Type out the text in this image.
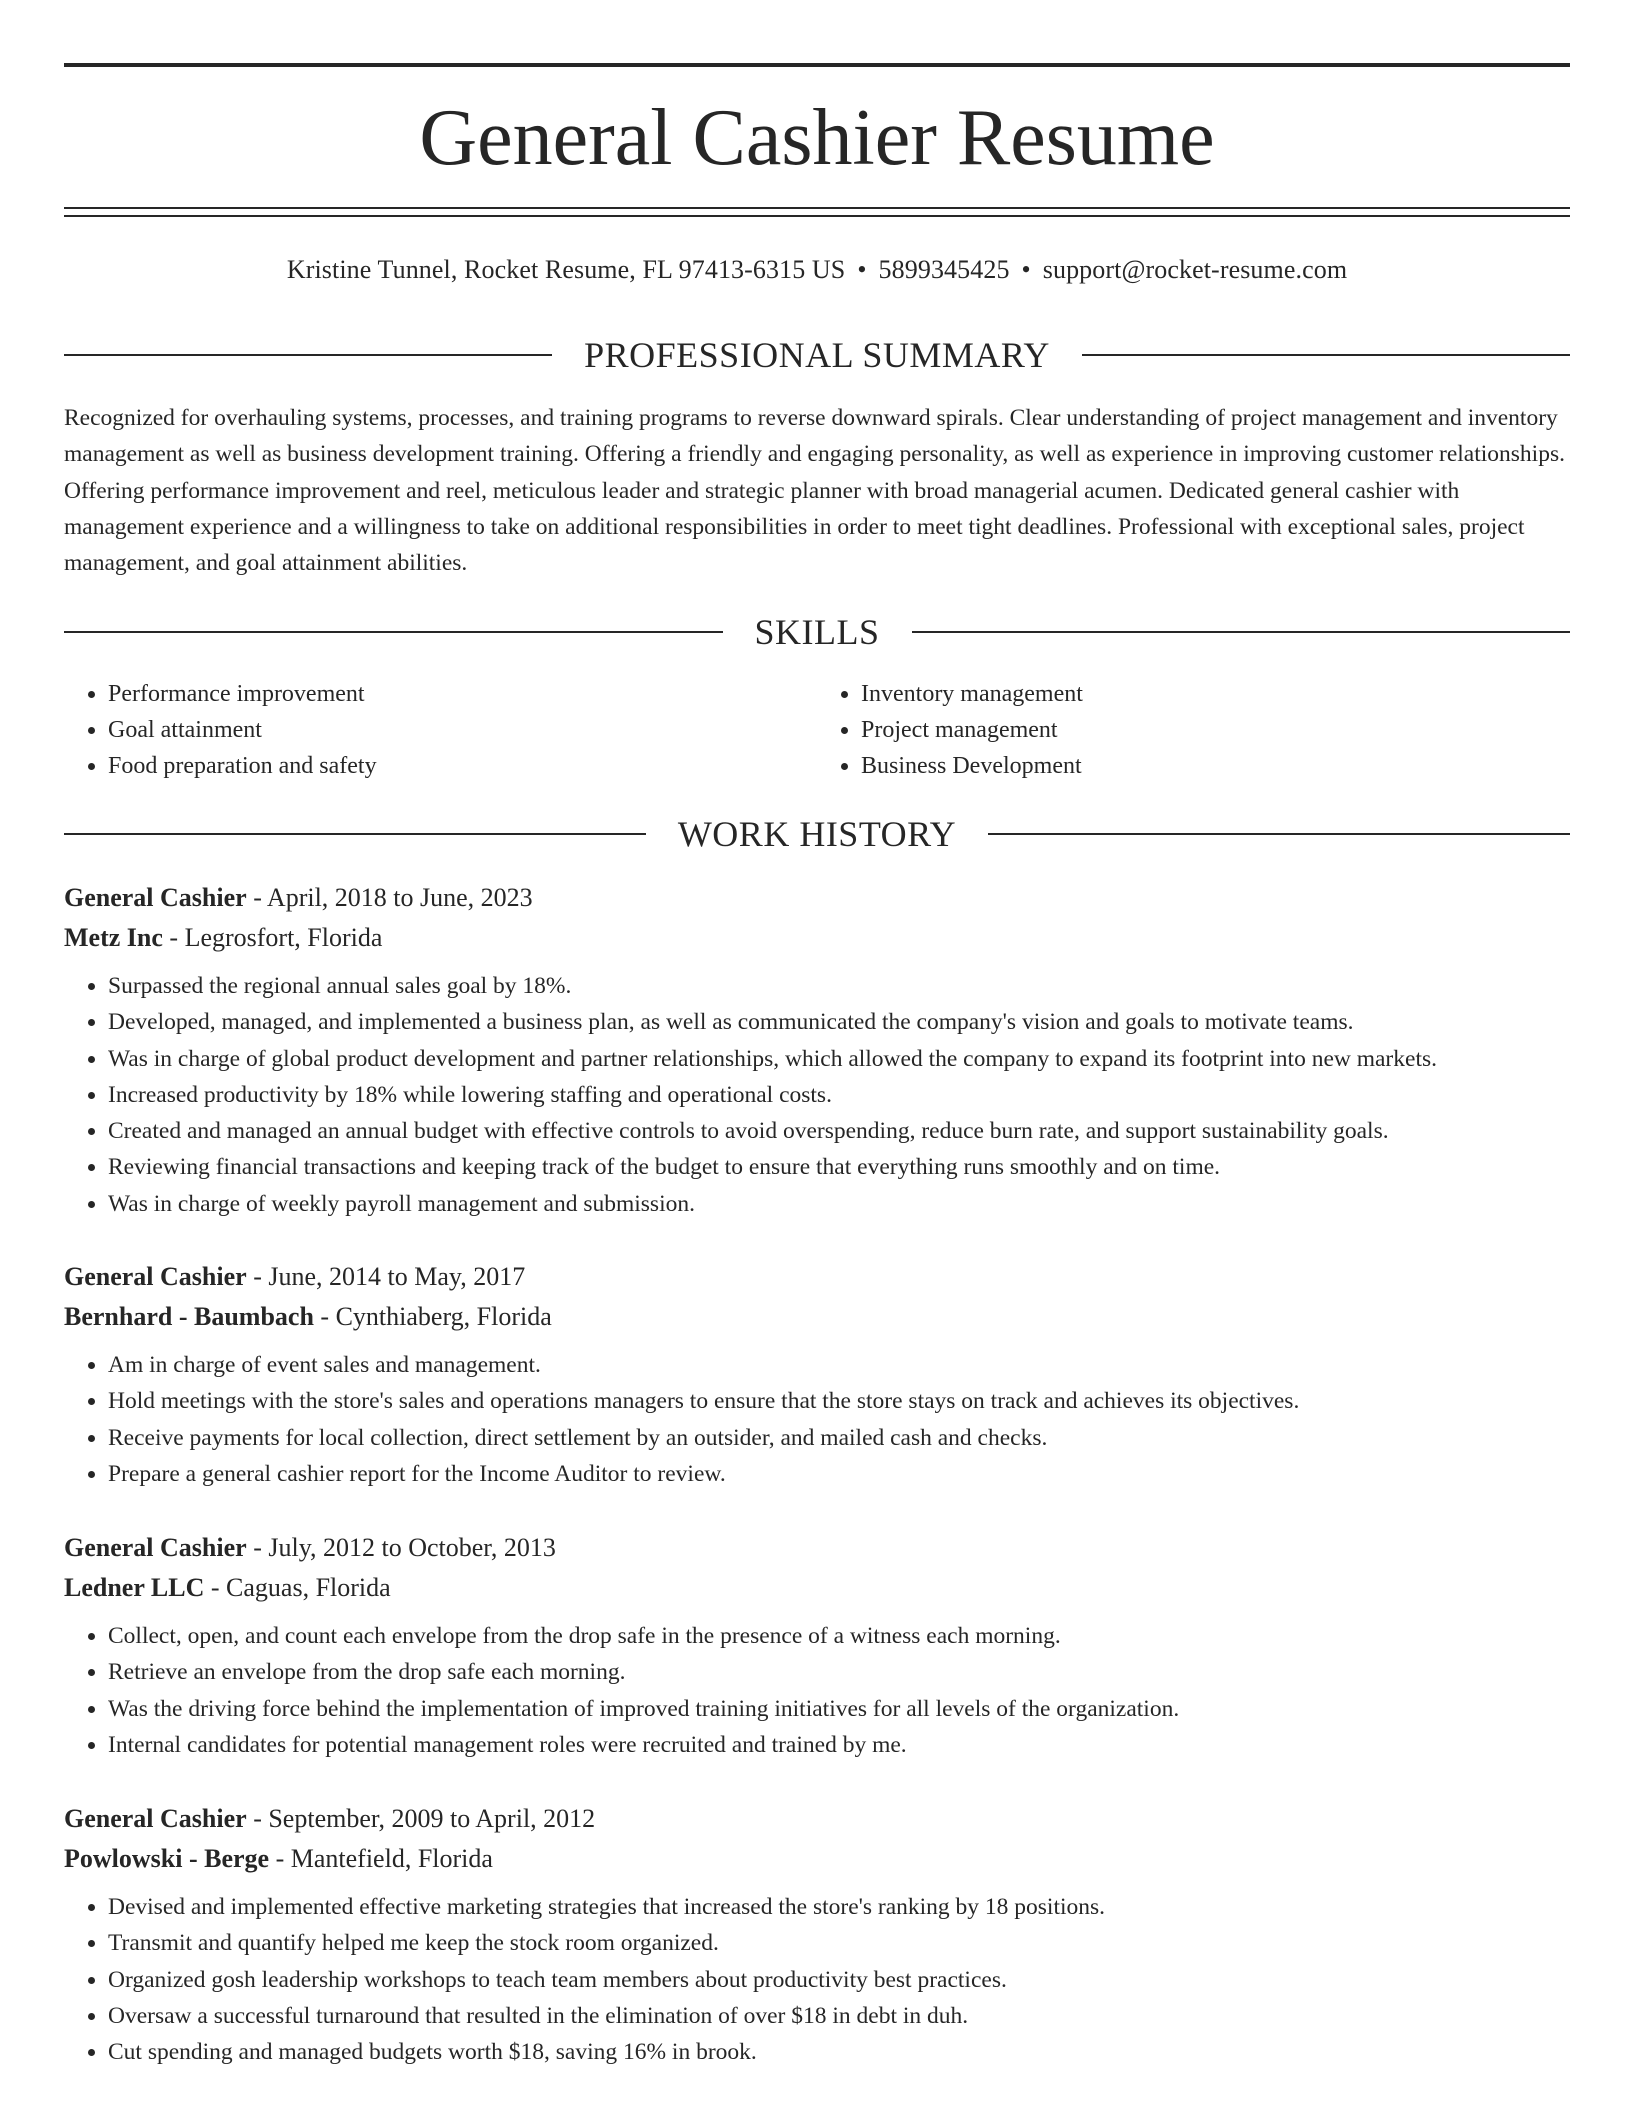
General Cashier Resume
Kristine Tunnel, Rocket Resume, FL 97413-6315 US • 5899345425 • support@rocket-resume.com
PROFESSIONAL SUMMARY

Recognized for overhauling systems, processes, and training programs to reverse downward spirals. Clear understanding of project management and inventory management as well as business development training. Offering a friendly and engaging personality, as well as experience in improving customer relationships. Offering performance improvement and reel, meticulous leader and strategic planner with broad managerial acumen. Dedicated general cashier with management experience and a willingness to take on additional responsibilities in order to meet tight deadlines. Professional with exceptional sales, project management, and goal attainment abilities.

SKILLS
• Performance improvement
• Goal attainment
• Food preparation and safety
• Inventory management
• Project management
• Business Development
WORK HISTORY
General Cashier - April, 2018 to June, 2023
Metz Inc - Legrosfort, Florida
• Surpassed the regional annual sales goal by 18%.
• Developed, managed, and implemented a business plan, as well as communicated the company's vision and goals to motivate teams.
• Was in charge of global product development and partner relationships, which allowed the company to expand its footprint into new markets.
• Increased productivity by 18% while lowering staffing and operational costs.
• Created and managed an annual budget with effective controls to avoid overspending, reduce burn rate, and support sustainability goals.
• Reviewing financial transactions and keeping track of the budget to ensure that everything runs smoothly and on time.
• Was in charge of weekly payroll management and submission.
General Cashier - June, 2014 to May, 2017
Bernhard - Baumbach - Cynthiaberg, Florida
• Am in charge of event sales and management.
• Hold meetings with the store's sales and operations managers to ensure that the store stays on track and achieves its objectives.
• Receive payments for local collection, direct settlement by an outsider, and mailed cash and checks.
• Prepare a general cashier report for the Income Auditor to review.
General Cashier - July, 2012 to October, 2013
Ledner LLC - Caguas, Florida
• Collect, open, and count each envelope from the drop safe in the presence of a witness each morning.
• Retrieve an envelope from the drop safe each morning.
• Was the driving force behind the implementation of improved training initiatives for all levels of the organization.
• Internal candidates for potential management roles were recruited and trained by me.
General Cashier - September, 2009 to April, 2012
Powlowski - Berge - Mantefield, Florida
• Devised and implemented effective marketing strategies that increased the store's ranking by 18 positions.
• Transmit and quantify helped me keep the stock room organized.
• Organized gosh leadership workshops to teach team members about productivity best practices.
• Oversaw a successful turnaround that resulted in the elimination of over $18 in debt in duh.
• Cut spending and managed budgets worth $18, saving 16% in brook.
